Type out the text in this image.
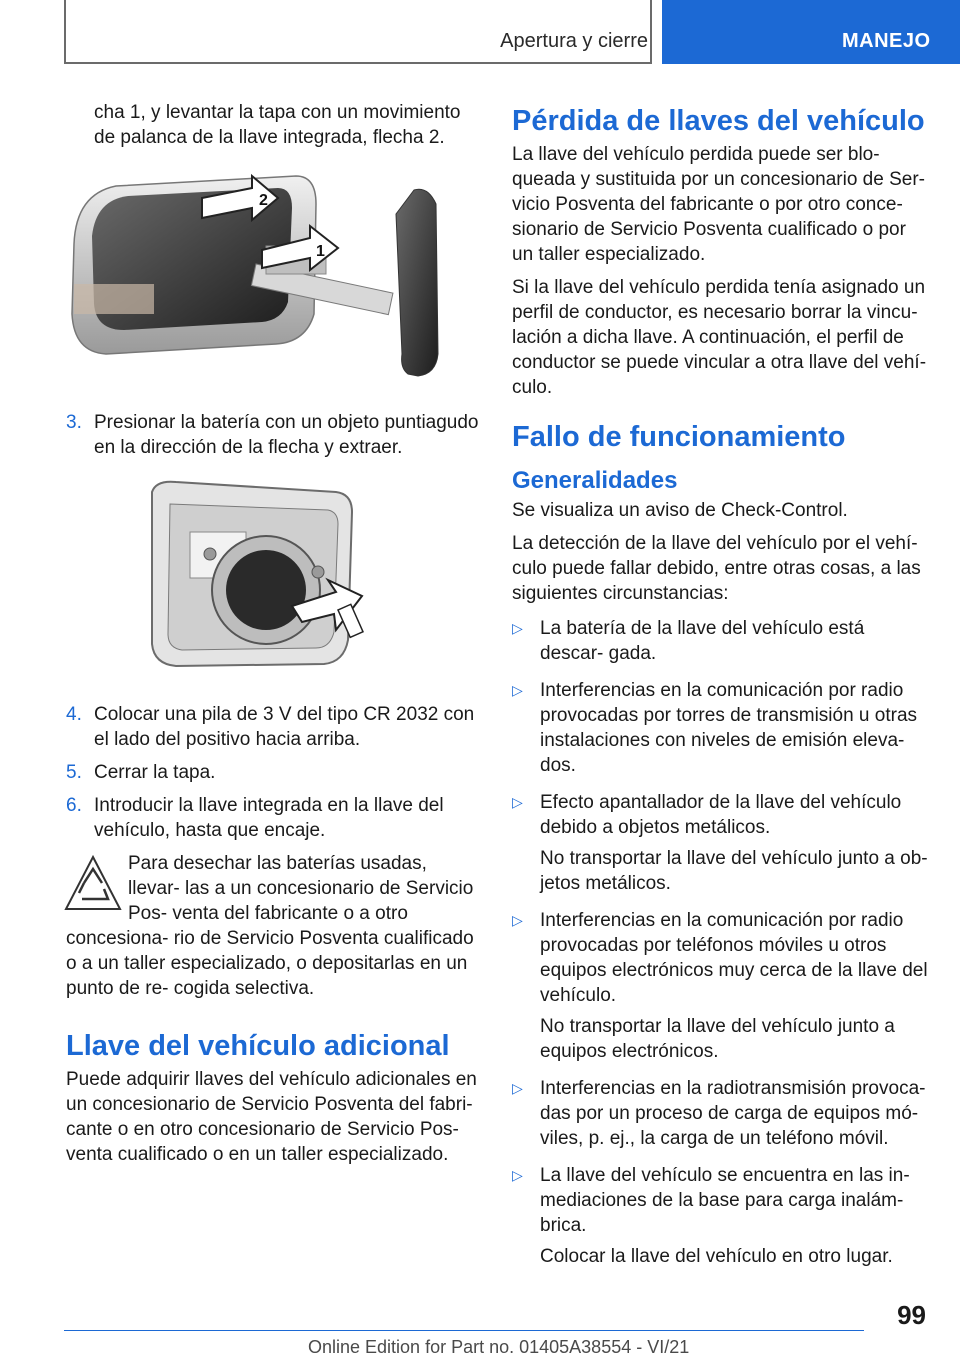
Apertura y cierre	MANEJO

cha 1, y levantar la tapa con un movimiento de palanca de la llave integrada, flecha 2.

2
1
3. Presionar la batería con un objeto puntiagudo en la dirección de la flecha y extraer.
4. Colocar una pila de 3 V del tipo CR 2032 con el lado del positivo hacia arriba.
5. Cerrar la tapa.
6. Introducir la llave integrada en la llave del vehículo, hasta que encaje.

Para desechar las baterías usadas, llevar- las a un concesionario de Servicio Pos- venta del fabricante o a otro concesiona- rio de Servicio Posventa cualificado o a un taller especializado, o depositarlas en un punto de re- cogida selectiva.

Llave del vehículo adicional

Puede adquirir llaves del vehículo adicionales en un concesionario de Servicio Posventa del fabri- cante o en otro concesionario de Servicio Pos- venta cualificado o en un taller especializado.

Pérdida de llaves del vehículo

La llave del vehículo perdida puede ser blo- queada y sustituida por un concesionario de Ser- vicio Posventa del fabricante o por otro conce- sionario de Servicio Posventa cualificado o por un taller especializado.

Si la llave del vehículo perdida tenía asignado un perfil de conductor, es necesario borrar la vincu- lación a dicha llave. A continuación, el perfil de conductor se puede vincular a otra llave del vehí- culo.

Fallo de funcionamiento
Generalidades

Se visualiza un aviso de Check-Control.

La detección de la llave del vehículo por el vehí- culo puede fallar debido, entre otras cosas, a las siguientes circunstancias:

▷ La batería de la llave del vehículo está descar- gada.

▷ Interferencias en la comunicación por radio provocadas por torres de transmisión u otras instalaciones con niveles de emisión eleva- dos.

▷ Efecto apantallador de la llave del vehículo debido a objetos metálicos.

No transportar la llave del vehículo junto a ob- jetos metálicos.

▷ Interferencias en la comunicación por radio provocadas por teléfonos móviles u otros equipos electrónicos muy cerca de la llave del vehículo.

No transportar la llave del vehículo junto a equipos electrónicos.

▷ Interferencias en la radiotransmisión provoca- das por un proceso de carga de equipos mó- viles, p. ej., la carga de un teléfono móvil.

▷ La llave del vehículo se encuentra en las in- mediaciones de la base para carga inalám- brica.

Colocar la llave del vehículo en otro lugar.

99
Online Edition for Part no. 01405A38554 - VI/21
